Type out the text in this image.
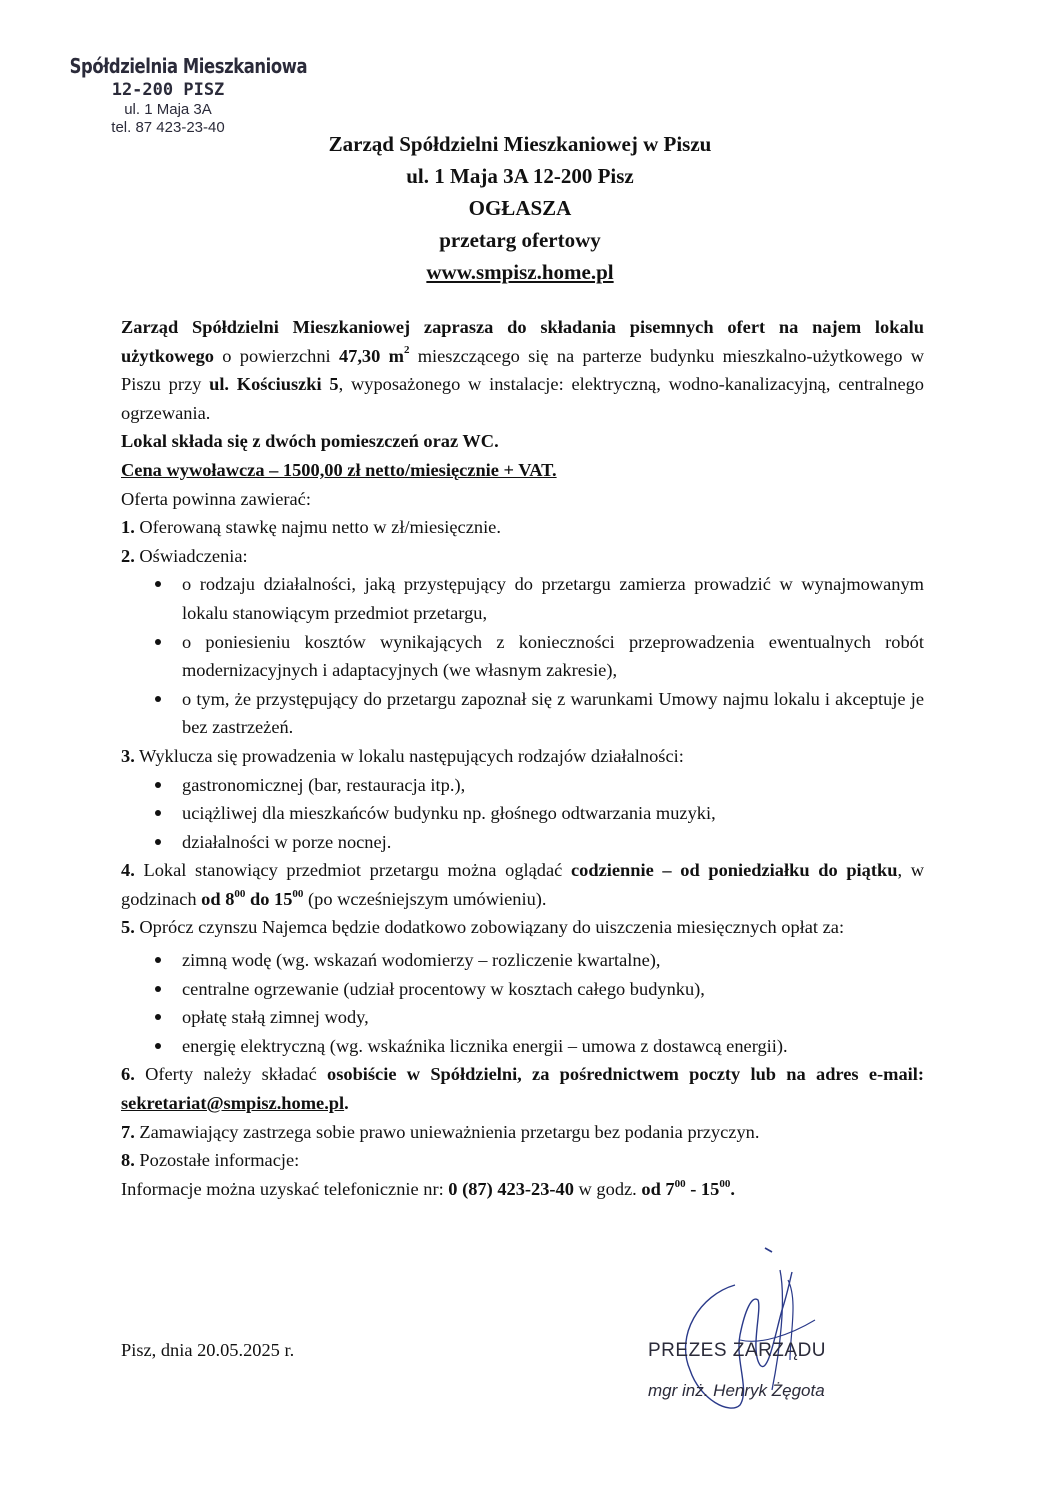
Spółdzielnia Mieszkaniowa
12-200 PISZ
ul. 1 Maja 3A
tel. 87 423-23-40
Zarząd Spółdzielni Mieszkaniowej w Piszu
ul. 1 Maja 3A 12-200 Pisz
OGŁASZA
przetarg ofertowy
www.smpisz.home.pl

Zarząd Spółdzielni Mieszkaniowej zaprasza do składania pisemnych ofert na najem lokalu użytkowego o powierzchni 47,30 $m^2$ mieszczącego się na parterze budynku mieszkalno-użytkowego w Piszu przy ul. Kościuszki 5, wyposażonego w instalacje: elektryczną, wodno-kanalizacyjną, centralnego ogrzewania.

Lokal składa się z dwóch pomieszczeń oraz WC.

Cena wywoławcza – 1500,00 zł netto/miesięcznie + VAT.

Oferta powinna zawierać:

1. Oferowaną stawkę najmu netto w zł/miesięcznie.

2. Oświadczenia:

o rodzaju działalności, jaką przystępujący do przetargu zamierza prowadzić w wynajmowanym lokalu stanowiącym przedmiot przetargu,
o poniesieniu kosztów wynikających z konieczności przeprowadzenia ewentualnych robót modernizacyjnych i adaptacyjnych (we własnym zakresie),
o tym, że przystępujący do przetargu zapoznał się z warunkami Umowy najmu lokalu i akceptuje je bez zastrzeżeń.

3. Wyklucza się prowadzenia w lokalu następujących rodzajów działalności:

gastronomicznej (bar, restauracja itp.),
uciążliwej dla mieszkańców budynku np. głośnego odtwarzania muzyki,
działalności w porze nocnej.

4. Lokal stanowiący przedmiot przetargu można oglądać codziennie – od poniedziałku do piątku, w godzinach od $8^{00}$ do $15^{00}$ (po wcześniejszym umówieniu).

5. Oprócz czynszu Najemca będzie dodatkowo zobowiązany do uiszczenia miesięcznych opłat za:

zimną wodę (wg. wskazań wodomierzy – rozliczenie kwartalne),
centralne ogrzewanie (udział procentowy w kosztach całego budynku),
opłatę stałą zimnej wody,
energię elektryczną (wg. wskaźnika licznika energii – umowa z dostawcą energii).

6. Oferty należy składać osobiście w Spółdzielni, za pośrednictwem poczty lub na adres e-mail: sekretariat@smpisz.home.pl.

7. Zamawiający zastrzega sobie prawo unieważnienia przetargu bez podania przyczyn.

8. Pozostałe informacje:

Informacje można uzyskać telefonicznie nr: 0 (87) 423-23-40 w godz. od $7^{00} - 15^{00}$.

Pisz, dnia 20.05.2025 r.	PREZES ZARZĄDU
mgr inż. Henryk Żęgota
